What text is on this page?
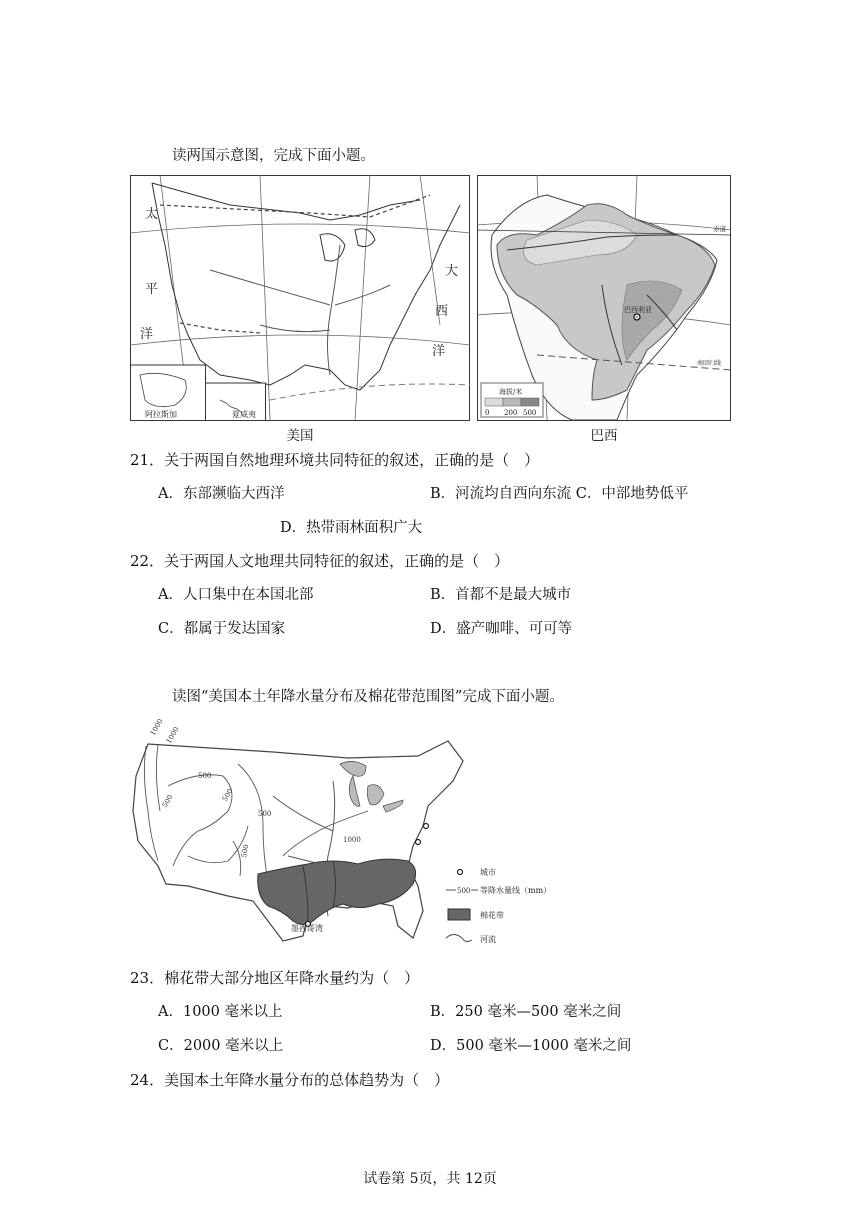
读两国示意图，完成下面小题。
太
平
洋
大
西
洋
阿拉斯加	夏威夷
美国
赤道
巴西利亚
南回归线
海拔/米
0 200 500
巴西
21．关于两国自然地理环境共同特征的叙述，正确的是（　）
A．东部濒临大西洋	B．河流均自西向东流 C．中部地势低平
D．热带雨林面积广大
22．关于两国人文地理共同特征的叙述，正确的是（　）
A．人口集中在本国北部	B．首都不是最大城市
C．都属于发达国家	D．盛产咖啡、可可等
读图“美国本土年降水量分布及棉花带范围图”完成下面小题。
1000 1000
500
500
500
500
500
1000
墨西哥湾
城市
500 等降水量线（mm）
棉花带
河流
23．棉花带大部分地区年降水量约为（　）
A．1000 毫米以上	B．250 毫米—500 毫米之间
C．2000 毫米以上	D．500 毫米—1000 毫米之间
24．美国本土年降水量分布的总体趋势为（　）
试卷第 5页，共 12页
